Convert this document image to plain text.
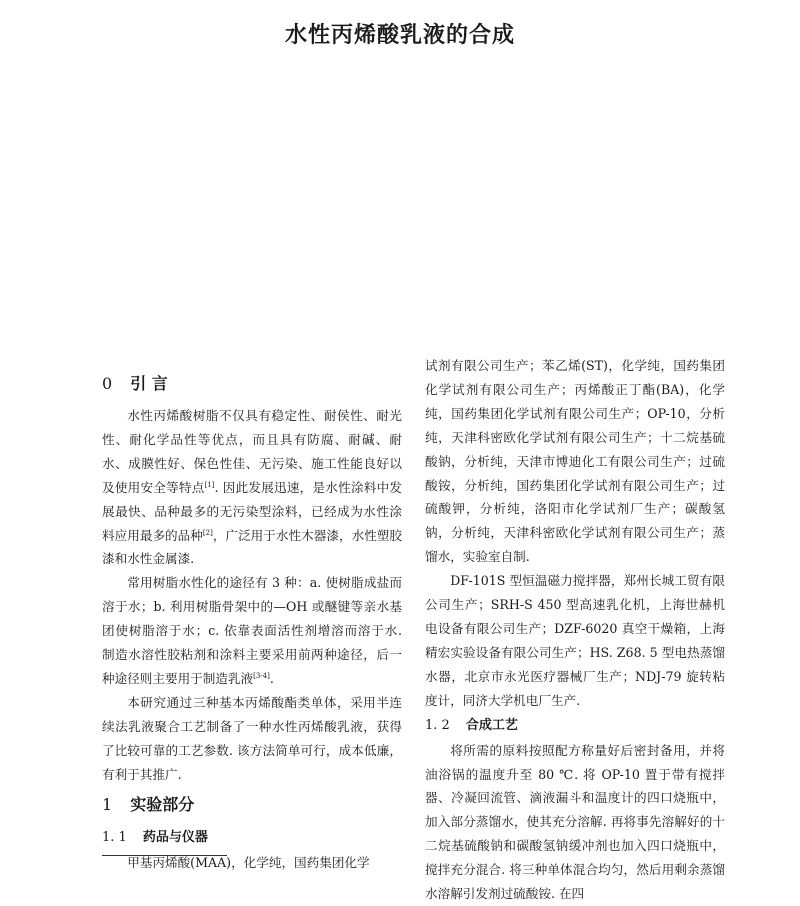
水性丙烯酸乳液的合成
0 引 言

水性丙烯酸树脂不仅具有稳定性、耐侯性、耐光性、耐化学品性等优点，而且具有防腐、耐碱、耐水、成膜性好、保色性佳、无污染、施工性能良好以及使用安全等特点[1]. 因此发展迅速，是水性涂料中发展最快、品种最多的无污染型涂料，已经成为水性涂料应用最多的品种[2]，广泛用于水性木器漆，水性塑胶漆和水性金属漆.

常用树脂水性化的途径有 3 种：a. 使树脂成盐而溶于水；b. 利用树脂骨架中的—OH 或醚键等亲水基团使树脂溶于水；c. 依靠表面活性剂增溶而溶于水. 制造水溶性胶粘剂和涂料主要采用前两种途径，后一种途径则主要用于制造乳液[3-4].

本研究通过三种基本丙烯酸酯类单体，采用半连续法乳液聚合工艺制备了一种水性丙烯酸乳液，获得了比较可靠的工艺参数. 该方法简单可行，成本低廉，有利于其推广.

1 实验部分
1. 1 药品与仪器

甲基丙烯酸(MAA)，化学纯，国药集团化学

试剂有限公司生产；苯乙烯(ST)，化学纯，国药集团化学试剂有限公司生产；丙烯酸正丁酯(BA)，化学纯，国药集团化学试剂有限公司生产；OP-10，分析纯，天津科密欧化学试剂有限公司生产；十二烷基硫酸钠，分析纯，天津市博迪化工有限公司生产；过硫酸铵，分析纯，国药集团化学试剂有限公司生产；过硫酸钾，分析纯，洛阳市化学试剂厂生产；碳酸氢钠，分析纯，天津科密欧化学试剂有限公司生产；蒸馏水，实验室自制.

DF-101S 型恒温磁力搅拌器，郑州长城工贸有限公司生产；SRH-S 450 型高速乳化机，上海世赫机电设备有限公司生产；DZF-6020 真空干燥箱，上海精宏实验设备有限公司生产；HS. Z68. 5 型电热蒸馏水器，北京市永光医疗器械厂生产；NDJ-79 旋转粘度计，同济大学机电厂生产.

1. 2 合成工艺

将所需的原料按照配方称量好后密封备用，并将油浴锅的温度升至 80 ℃. 将 OP-10 置于带有搅拌器、冷凝回流管、滴液漏斗和温度计的四口烧瓶中，加入部分蒸馏水，使其充分溶解. 再将事先溶解好的十二烷基硫酸钠和碳酸氢钠缓冲剂也加入四口烧瓶中，搅拌充分混合. 将三种单体混合均匀，然后用剩余蒸馏水溶解引发剂过硫酸铵. 在四
